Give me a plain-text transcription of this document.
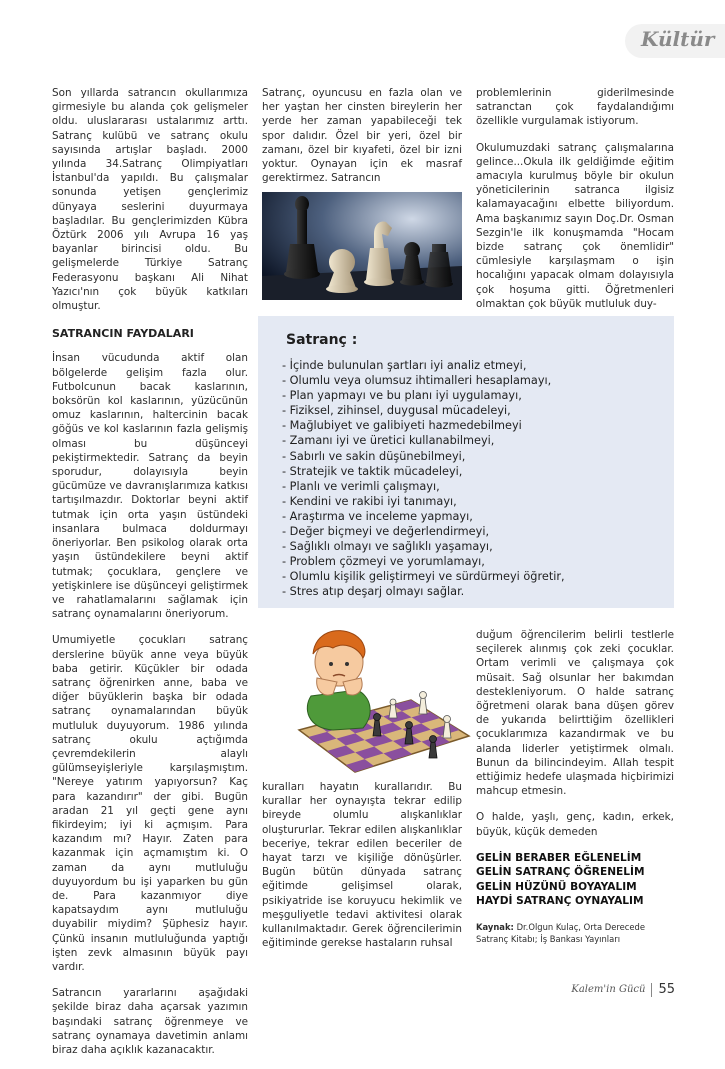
Kültür

Son yıllarda satrancın okullarımıza girmesiyle bu alanda çok gelişmeler oldu. uluslararası ustalarımız arttı. Satranç kulübü ve satranç okulu sayısında artışlar başladı. 2000 yılında 34.Satranç Olimpiyatları İstanbul'da yapıldı. Bu çalışmalar sonunda yetişen gençlerimiz dünyaya seslerini duyurmaya başladılar. Bu gençlerimizden Kübra Öztürk 2006 yılı Avrupa 16 yaş bayanlar birincisi oldu. Bu gelişmelerde Türkiye Satranç Federasyonu başkanı Ali Nihat Yazıcı'nın çok büyük katkıları olmuştur.

SATRANCIN FAYDALARI

İnsan vücudunda aktif olan bölgelerde gelişim fazla olur. Futbolcunun bacak kaslarının, boksörün kol kaslarının, yüzücünün omuz kaslarının, haltercinin bacak göğüs ve kol kaslarının fazla gelişmiş olması bu düşünceyi pekiştirmektedir. Satranç da beyin sporudur, dolayısıyla beyin gücümüze ve davranışlarımıza katkısı tartışılmazdır. Doktorlar beyni aktif tutmak için orta yaşın üstündeki insanlara bulmaca doldurmayı öneriyorlar. Ben psikolog olarak orta yaşın üstündekilere beyni aktif tutmak; çocuklara, gençlere ve yetişkinlere ise düşünceyi geliştirmek ve rahatlamalarını sağlamak için satranç oynamalarını öneriyorum.

Umumiyetle çocukları satranç derslerine büyük anne veya büyük baba getirir. Küçükler bir odada satranç öğrenirken anne, baba ve diğer büyüklerin başka bir odada satranç oynamalarından büyük mutluluk duyuyorum. 1986 yılında satranç okulu açtığımda çevremdekilerin alaylı gülümseyişleriyle karşılaşmıştım. "Nereye yatırım yapıyorsun? Kaç para kazandırır" der gibi. Bugün aradan 21 yıl geçti gene aynı fikirdeyim; iyi ki açmışım. Para kazandım mı? Hayır. Zaten para kazanmak için açmamıştım ki. O zaman da aynı mutluluğu duyuyordum bu işi yaparken bu gün de. Para kazanmıyor diye kapatsaydım aynı mutluluğu duyabilir miydim? Şüphesiz hayır. Çünkü insanın mutluluğunda yaptığı işten zevk almasının büyük payı vardır.

Satrancın yararlarını aşağıdaki şekilde biraz daha açarsak yazımın başındaki satranç öğrenmeye ve satranç oynamaya davetimin anlamı biraz daha açıklık kazanacaktır.

Satranç, oyuncusu en fazla olan ve her yaştan her cinsten bireylerin her yerde her zaman yapabileceği tek spor dalıdır. Özel bir yeri, özel bir zamanı, özel bir kıyafeti, özel bir izni yoktur. Oynayan için ek masraf gerektirmez. Satrancın

problemlerinin giderilmesinde satranctan çok faydalandığımı özellikle vurgulamak istiyorum.

Okulumuzdaki satranç çalışmalarına gelince...Okula ilk geldiğimde eğitim amacıyla kurulmuş böyle bir okulun yöneticilerinin satranca ilgisiz kalamayacağını elbette biliyordum. Ama başkanımız sayın Doç.Dr. Osman Sezgin'le ilk konuşmamda "Hocam bizde satranç çok önemlidir" cümlesiyle karşılaşmam o işin hocalığını yapacak olmam dolayısıyla çok hoşuma gitti. Öğretmenleri olmaktan çok büyük mutluluk duy-

Satranç :
- İçinde bulunulan şartları iyi analiz etmeyi,
- Olumlu veya olumsuz ihtimalleri hesaplamayı,
- Plan yapmayı ve bu planı iyi uygulamayı,
- Fiziksel, zihinsel, duygusal mücadeleyi,
- Mağlubiyet ve galibiyeti hazmedebilmeyi
- Zamanı iyi ve üretici kullanabilmeyi,
- Sabırlı ve sakin düşünebilmeyi,
- Stratejik ve taktik mücadeleyi,
- Planlı ve verimli çalışmayı,
- Kendini ve rakibi iyi tanımayı,
- Araştırma ve inceleme yapmayı,
- Değer biçmeyi ve değerlendirmeyi,
- Sağlıklı olmayı ve sağlıklı yaşamayı,
- Problem çözmeyi ve yorumlamayı,
- Olumlu kişilik geliştirmeyi ve sürdürmeyi öğretir,
- Stres atıp deşarj olmayı sağlar.

kuralları hayatın kurallarıdır. Bu kurallar her oynayışta tekrar edilip bireyde olumlu alışkanlıklar oluştururlar. Tekrar edilen alışkanlıklar beceriye, tekrar edilen beceriler de hayat tarzı ve kişiliğe dönüşürler. Bugün bütün dünyada satranç eğitimde gelişimsel olarak, psikiyatride ise koruyucu hekimlik ve meşguliyetle tedavi aktivitesi olarak kullanılmaktadır. Gerek öğrencilerimin eğitiminde gerekse hastaların ruhsal

duğum öğrencilerim belirli testlerle seçilerek alınmış çok zeki çocuklar. Ortam verimli ve çalışmaya çok müsait. Sağ olsunlar her bakımdan destekleniyorum. O halde satranç öğretmeni olarak bana düşen görev de yukarıda belirttiğim özellikleri çocuklarımıza kazandırmak ve bu alanda liderler yetiştirmek olmalı. Bunun da bilincindeyim. Allah tespit ettiğimiz hedefe ulaşmada hiçbirimizi mahcup etmesin.

O halde, yaşlı, genç, kadın, erkek, büyük, küçük demeden

GELİN BERABER EĞLENELİM
GELİN SATRANÇ ÖĞRENELİM
GELİN HÜZÜNÜ BOYAYALIM
HAYDİ SATRANÇ OYNAYALIM
Kaynak: Dr.Olgun Kulaç, Orta Derecede Satranç Kitabı; İş Bankası Yayınları
Kalem'in Gücü 55
